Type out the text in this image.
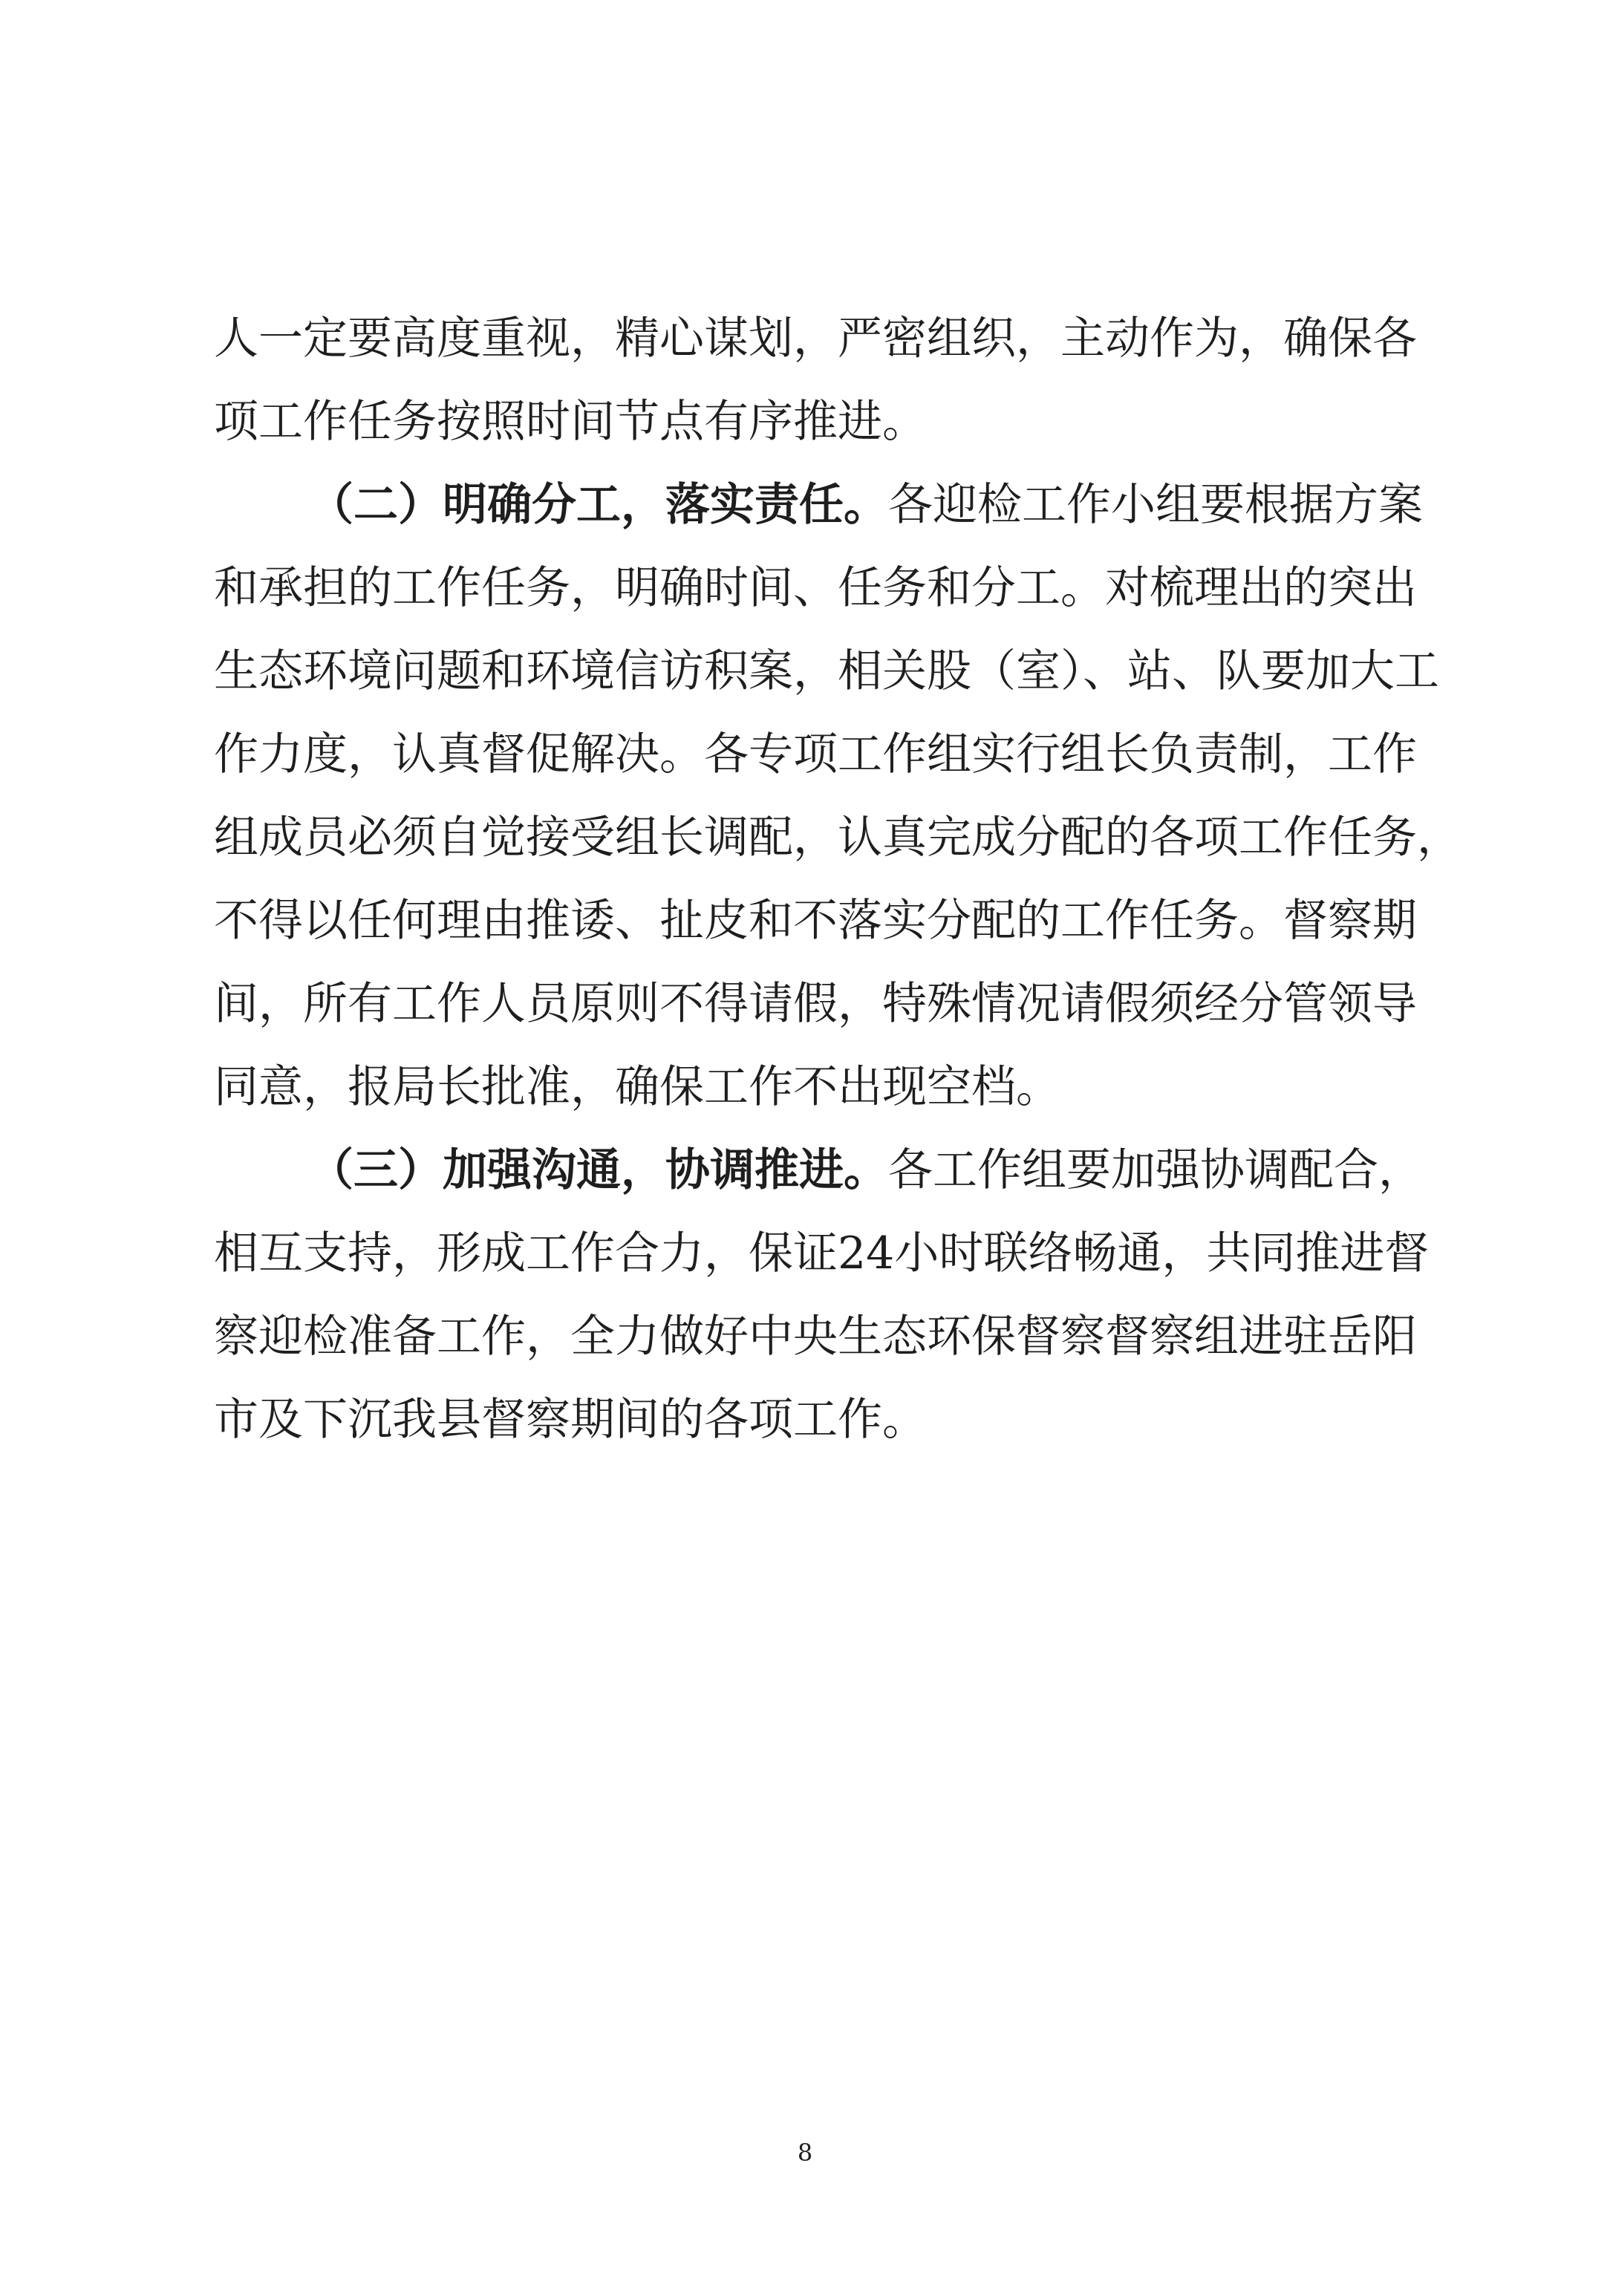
人一定要高度重视，精心谋划，严密组织，主动作为，确保各
项工作任务按照时间节点有序推进。
（二）明确分工，落实责任。各迎检工作小组要根据方案
和承担的工作任务，明确时间、任务和分工。对梳理出的突出
生态环境问题和环境信访积案，相关股（室）、站、队要加大工
作力度，认真督促解决。各专项工作组实行组长负责制，工作
组成员必须自觉接受组长调配，认真完成分配的各项工作任务，
不得以任何理由推诿、扯皮和不落实分配的工作任务。督察期
间，所有工作人员原则不得请假，特殊情况请假须经分管领导
同意，报局长批准，确保工作不出现空档。
（三）加强沟通，协调推进。各工作组要加强协调配合，
相互支持，形成工作合力，保证24小时联络畅通，共同推进督
察迎检准备工作，全力做好中央生态环保督察督察组进驻岳阳
市及下沉我县督察期间的各项工作。
8
